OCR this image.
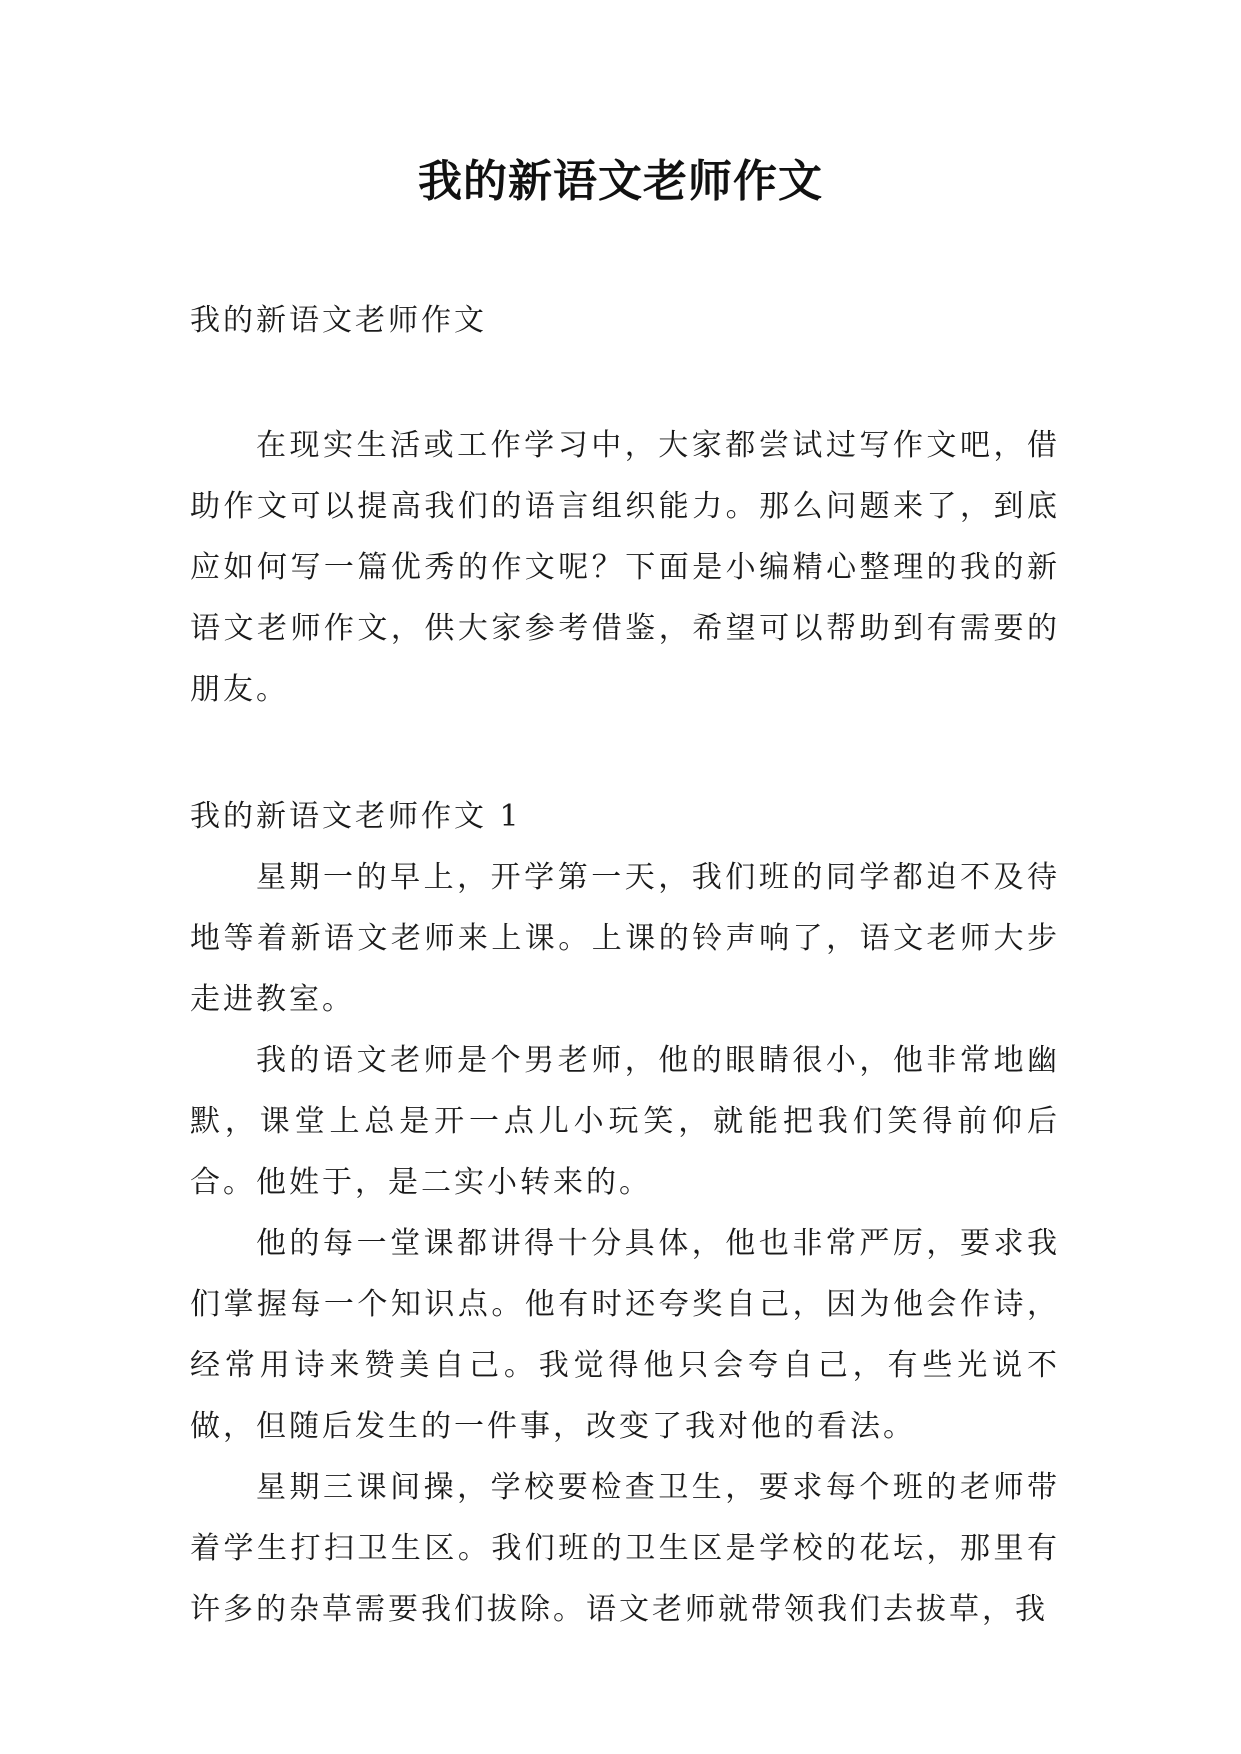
我的新语文老师作文

我的新语文老师作文

在现实生活或工作学习中，大家都尝试过写作文吧，借助作文可以提高我们的语言组织能力。那么问题来了，到底应如何写一篇优秀的作文呢？下面是小编精心整理的我的新语文老师作文，供大家参考借鉴，希望可以帮助到有需要的朋友。

我的新语文老师作文 1

星期一的早上，开学第一天，我们班的同学都迫不及待地等着新语文老师来上课。上课的铃声响了，语文老师大步走进教室。

我的语文老师是个男老师，他的眼睛很小，他非常地幽默，课堂上总是开一点儿小玩笑，就能把我们笑得前仰后合。他姓于，是二实小转来的。

他的每一堂课都讲得十分具体，他也非常严厉，要求我们掌握每一个知识点。他有时还夸奖自己，因为他会作诗，经常用诗来赞美自己。我觉得他只会夸自己，有些光说不做，但随后发生的一件事，改变了我对他的看法。

星期三课间操，学校要检查卫生，要求每个班的老师带着学生打扫卫生区。我们班的卫生区是学校的花坛，那里有许多的杂草需要我们拔除。语文老师就带领我们去拔草，我
